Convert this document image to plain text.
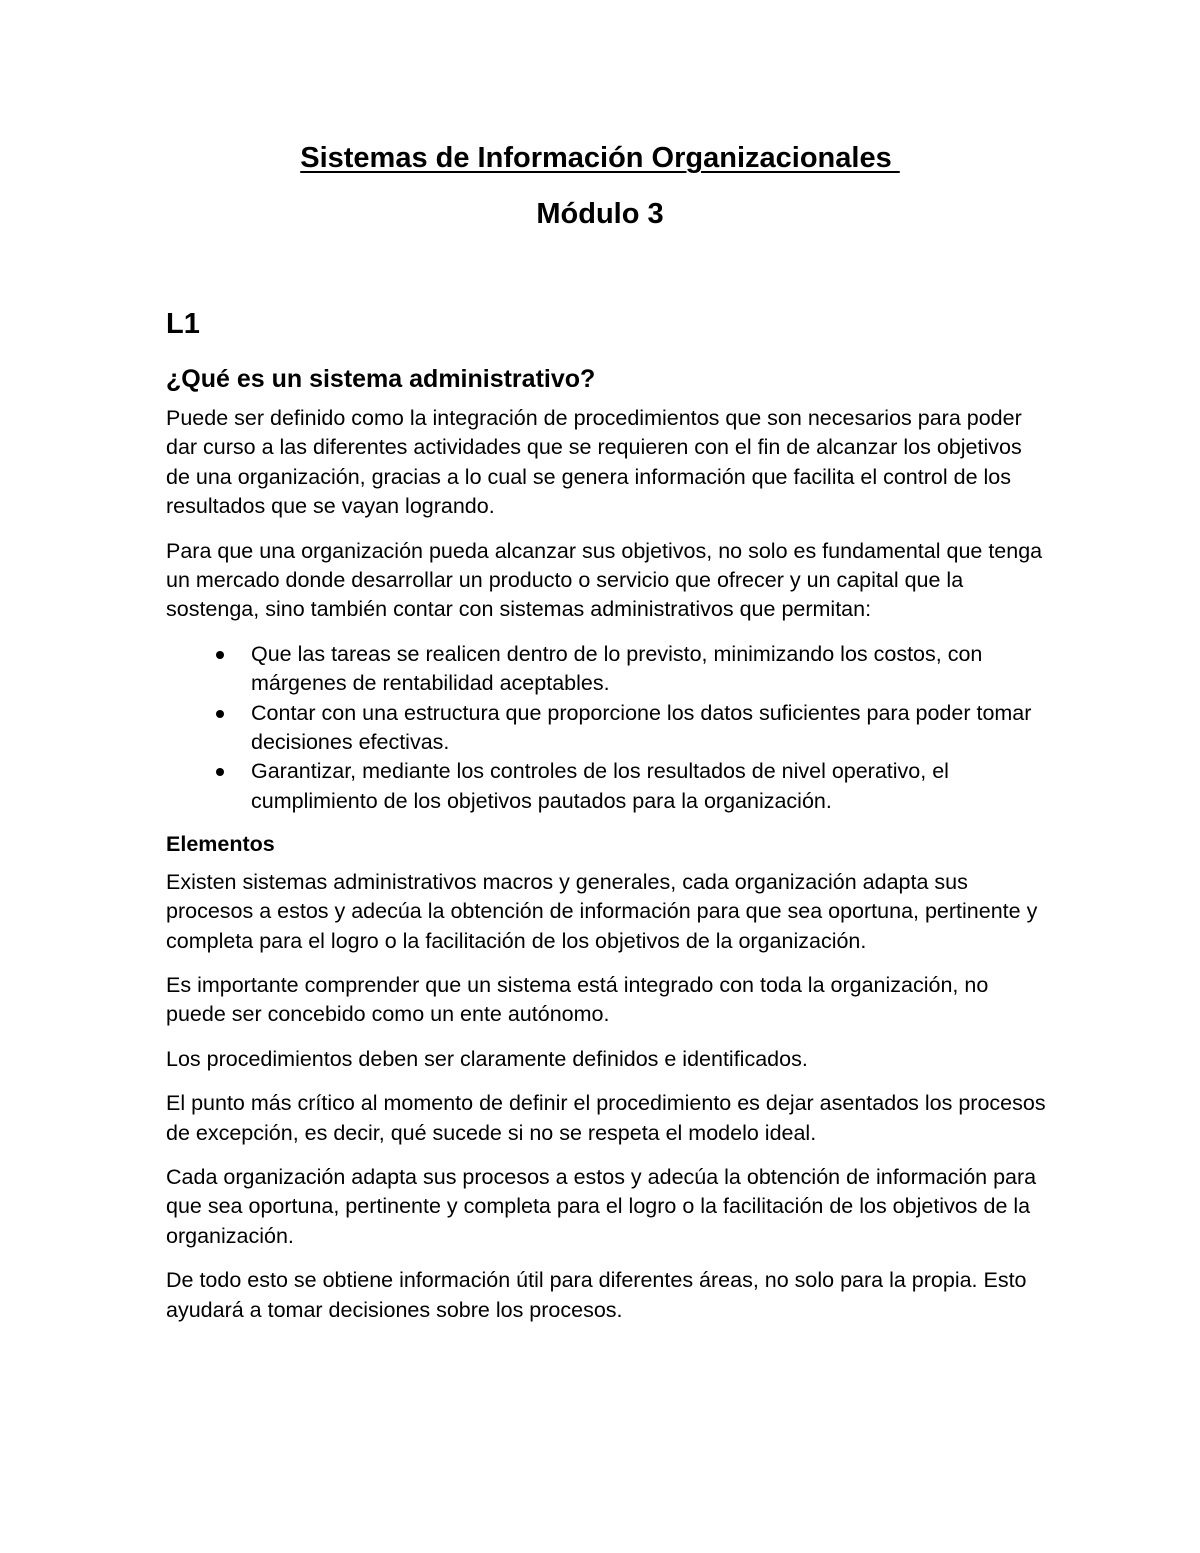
Sistemas de Información Organizacionales
Módulo 3
L1
¿Qué es un sistema administrativo?

Puede ser definido como la integración de procedimientos que son necesarios para poder dar curso a las diferentes actividades que se requieren con el fin de alcanzar los objetivos de una organización, gracias a lo cual se genera información que facilita el control de los resultados que se vayan logrando.

Para que una organización pueda alcanzar sus objetivos, no solo es fundamental que tenga un mercado donde desarrollar un producto o servicio que ofrecer y un capital que la sostenga, sino también contar con sistemas administrativos que permitan:

Que las tareas se realicen dentro de lo previsto, minimizando los costos, con márgenes de rentabilidad aceptables.
Contar con una estructura que proporcione los datos suficientes para poder tomar decisiones efectivas.
Garantizar, mediante los controles de los resultados de nivel operativo, el cumplimiento de los objetivos pautados para la organización.
Elementos

Existen sistemas administrativos macros y generales, cada organización adapta sus procesos a estos y adecúa la obtención de información para que sea oportuna, pertinente y completa para el logro o la facilitación de los objetivos de la organización.

Es importante comprender que un sistema está integrado con toda la organización, no puede ser concebido como un ente autónomo.

Los procedimientos deben ser claramente definidos e identificados.

El punto más crítico al momento de definir el procedimiento es dejar asentados los procesos de excepción, es decir, qué sucede si no se respeta el modelo ideal.

Cada organización adapta sus procesos a estos y adecúa la obtención de información para que sea oportuna, pertinente y completa para el logro o la facilitación de los objetivos de la organización.

De todo esto se obtiene información útil para diferentes áreas, no solo para la propia. Esto ayudará a tomar decisiones sobre los procesos.
